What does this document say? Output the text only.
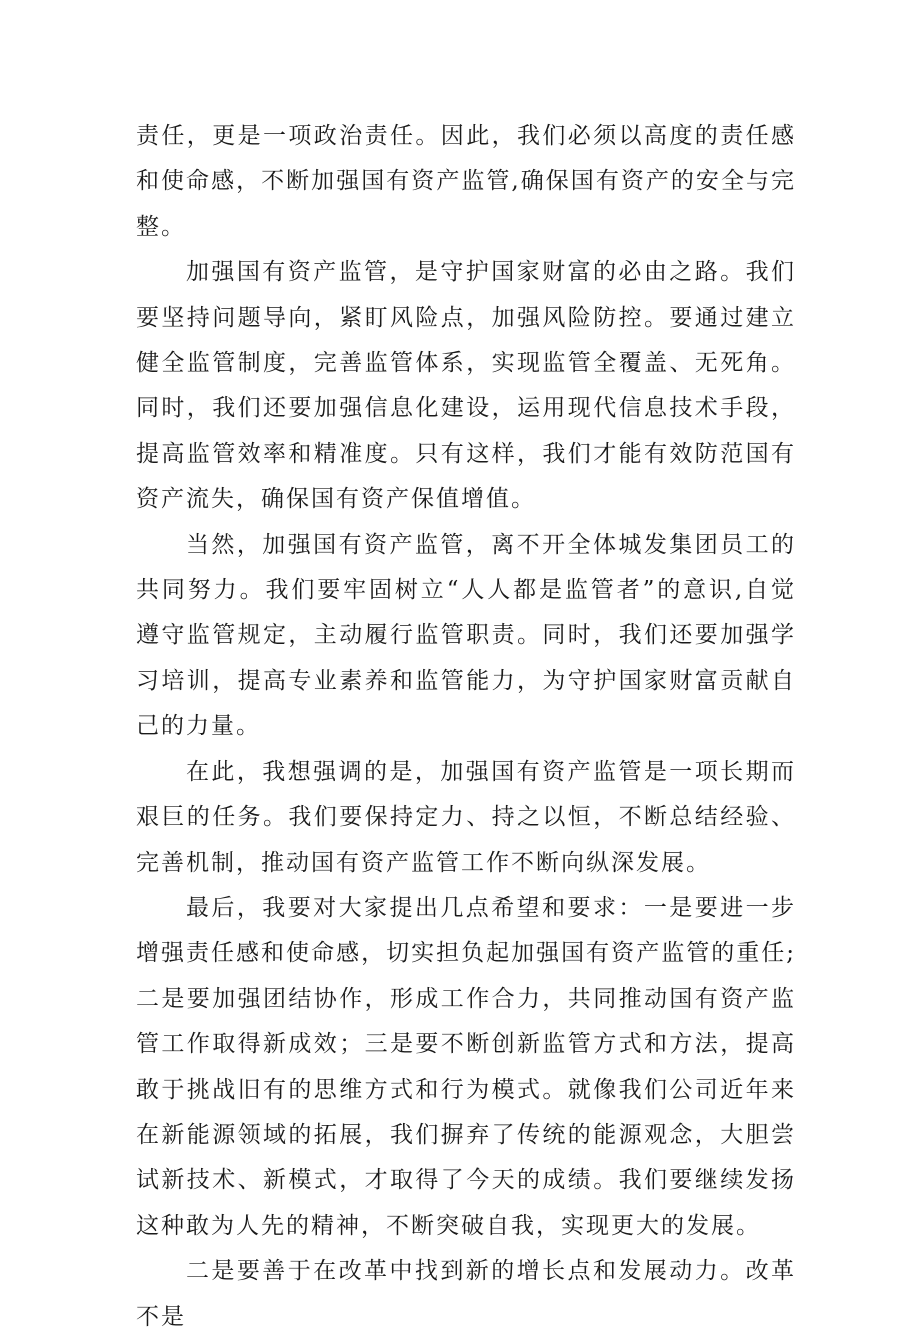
责任，更是一项政治责任。因此，我们必须以高度的责任感和使命感，不断加强国有资产监管,确保国有资产的安全与完整。

加强国有资产监管，是守护国家财富的必由之路。我们要坚持问题导向，紧盯风险点，加强风险防控。要通过建立健全监管制度，完善监管体系，实现监管全覆盖、无死角。同时，我们还要加强信息化建设，运用现代信息技术手段，提高监管效率和精准度。只有这样，我们才能有效防范国有资产流失，确保国有资产保值增值。

当然，加强国有资产监管，离不开全体城发集团员工的共同努力。我们要牢固树立“人人都是监管者”的意识,自觉遵守监管规定，主动履行监管职责。同时，我们还要加强学习培训，提高专业素养和监管能力，为守护国家财富贡献自己的力量。

在此，我想强调的是，加强国有资产监管是一项长期而艰巨的任务。我们要保持定力、持之以恒，不断总结经验、完善机制，推动国有资产监管工作不断向纵深发展。

最后，我要对大家提出几点希望和要求：一是要进一步增强责任感和使命感，切实担负起加强国有资产监管的重任;二是要加强团结协作，形成工作合力，共同推动国有资产监管工作取得新成效；三是要不断创新监管方式和方法，提高敢于挑战旧有的思维方式和行为模式。就像我们公司近年来在新能源领域的拓展，我们摒弃了传统的能源观念，大胆尝试新技术、新模式，才取得了今天的成绩。我们要继续发扬这种敢为人先的精神，不断突破自我，实现更大的发展。

二是要善于在改革中找到新的增长点和发展动力。改革不是
